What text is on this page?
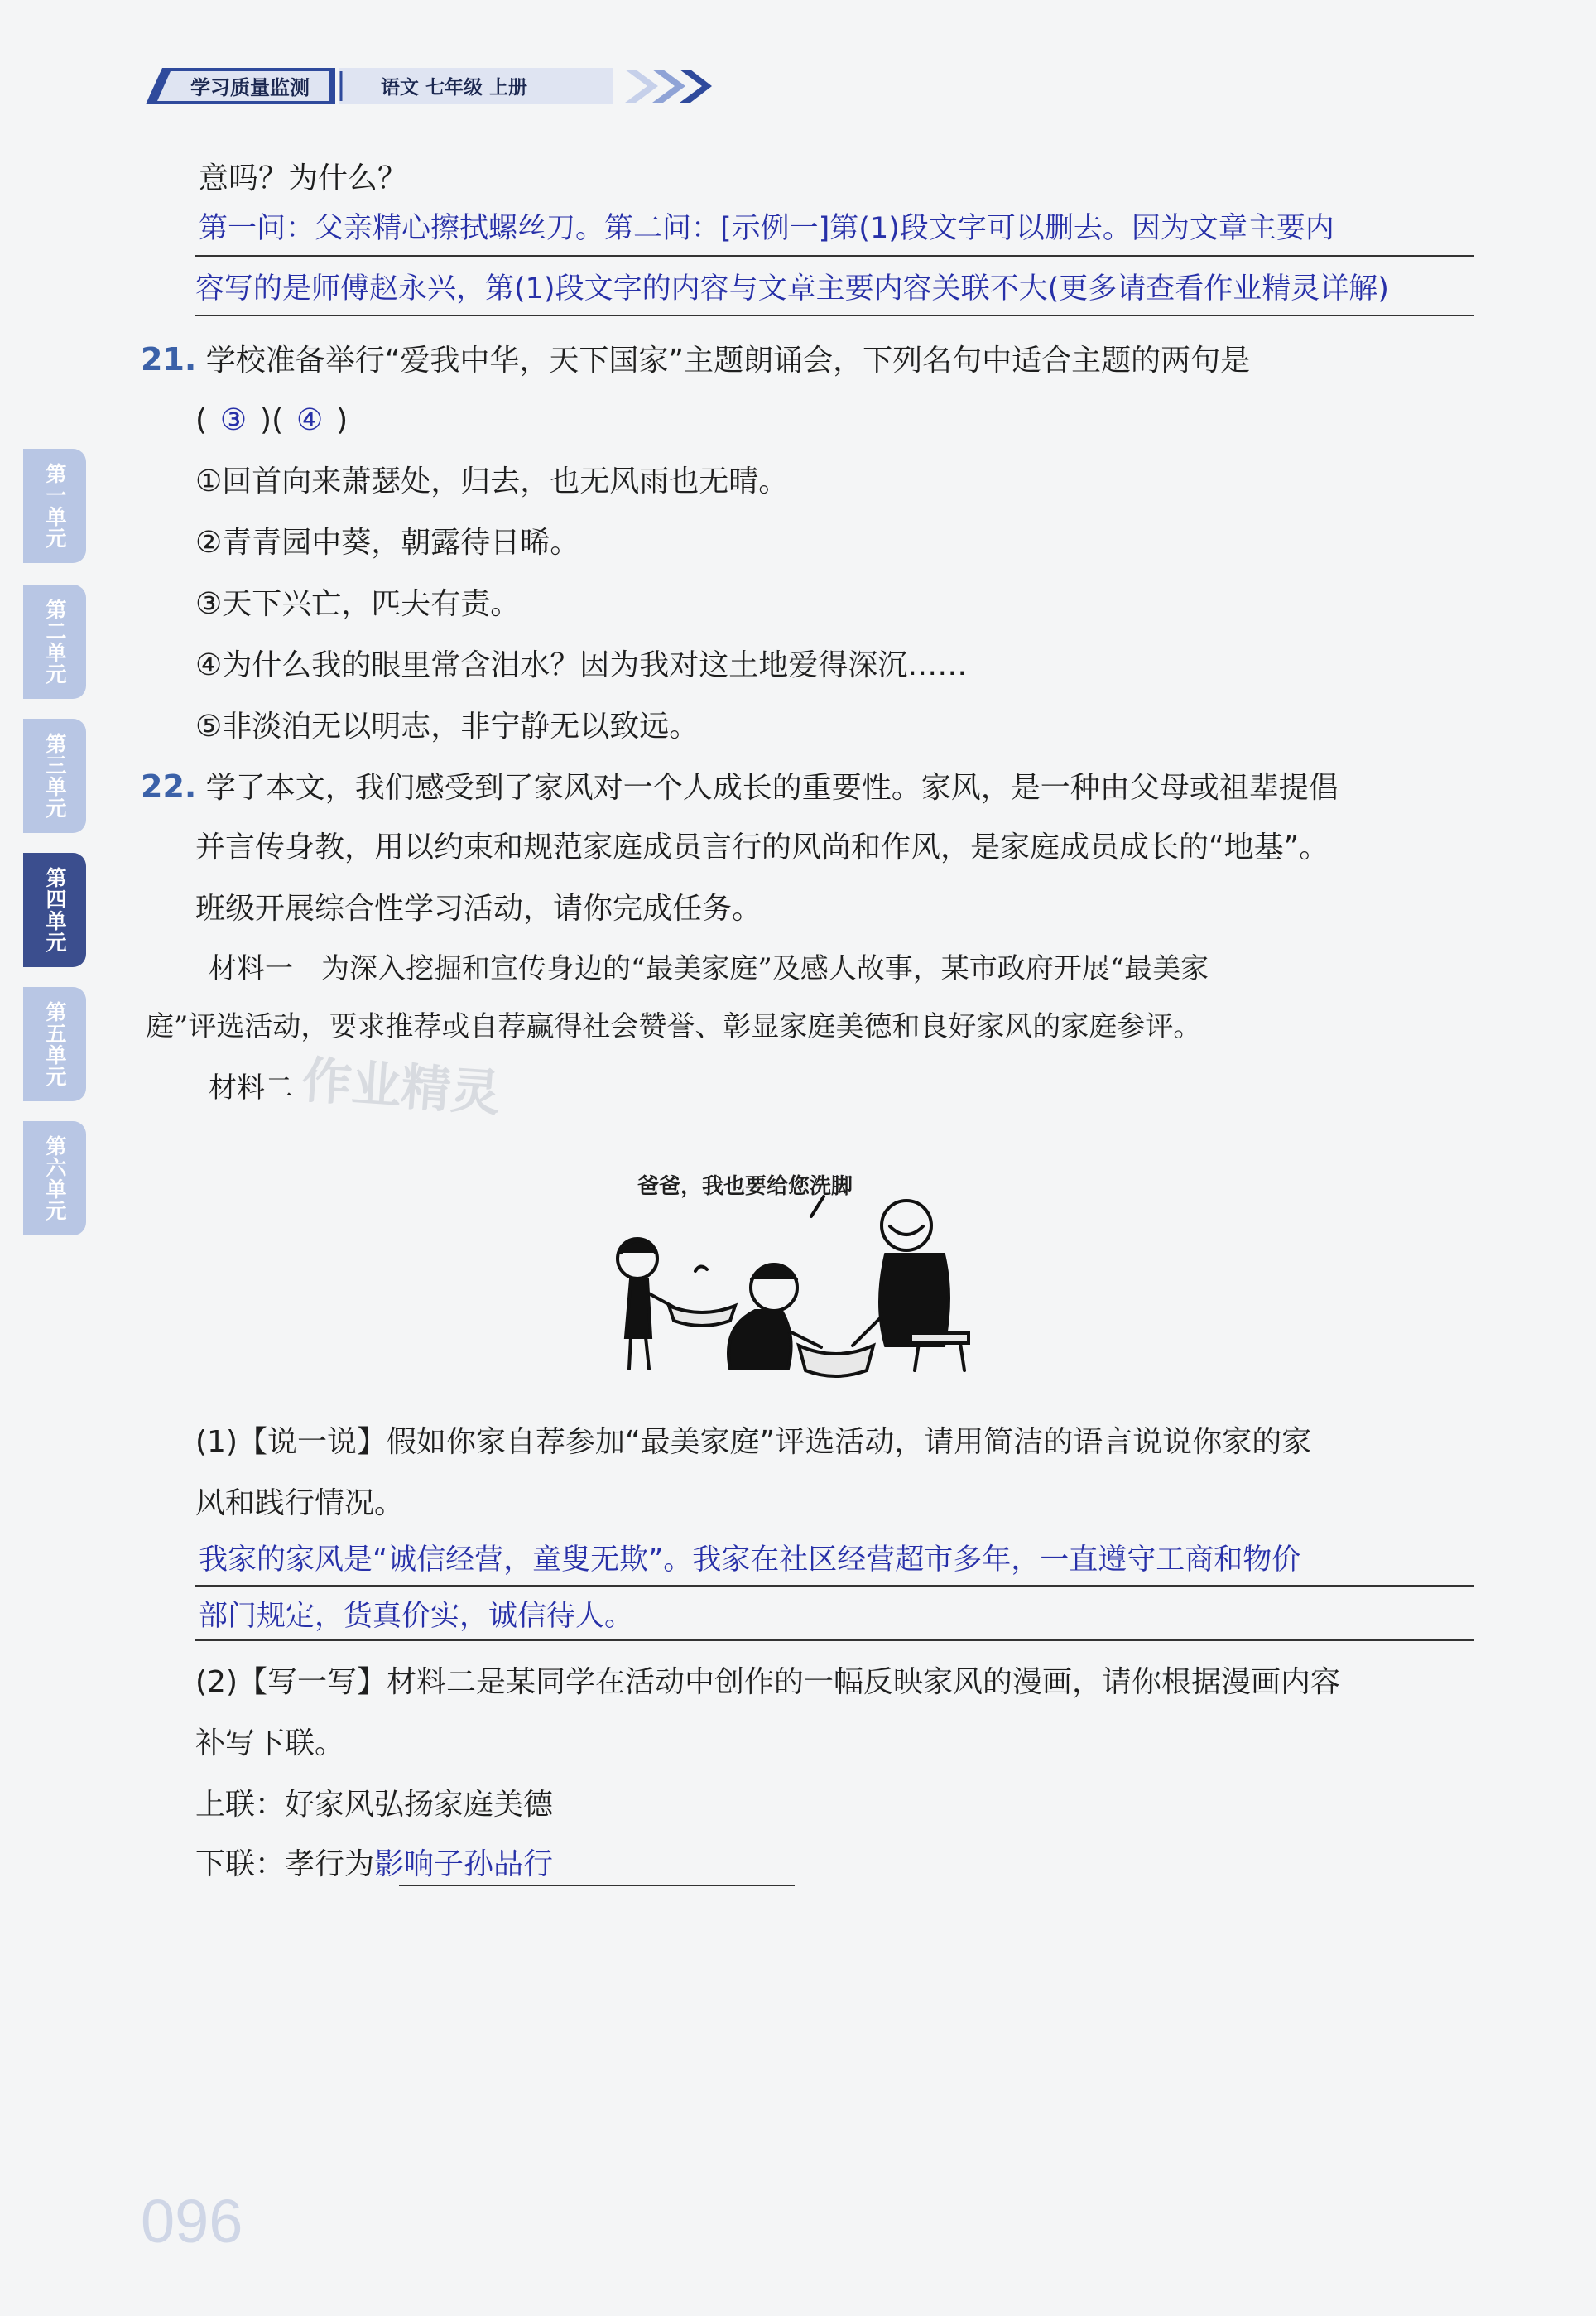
学习质量监测	语文 七年级 上册
第一单元
第二单元
第三单元
第四单元
第五单元
第六单元
意吗？为什么？
第一问：父亲精心擦拭螺丝刀。第二问：[示例一]第(1)段文字可以删去。因为文章主要内
容写的是师傅赵永兴，第(1)段文字的内容与文章主要内容关联不大(更多请查看作业精灵详解)
21. 学校准备举行“爱我中华，天下国家”主题朗诵会，下列名句中适合主题的两句是
( ③ )( ④ )
①回首向来萧瑟处，归去，也无风雨也无晴。
②青青园中葵，朝露待日晞。
③天下兴亡，匹夫有责。
④为什么我的眼里常含泪水？因为我对这土地爱得深沉……
⑤非淡泊无以明志，非宁静无以致远。
22. 学了本文，我们感受到了家风对一个人成长的重要性。家风，是一种由父母或祖辈提倡
并言传身教，用以约束和规范家庭成员言行的风尚和作风，是家庭成员成长的“地基”。
班级开展综合性学习活动，请你完成任务。
材料一　为深入挖掘和宣传身边的“最美家庭”及感人故事，某市政府开展“最美家
庭”评选活动，要求推荐或自荐赢得社会赞誉、彰显家庭美德和良好家风的家庭参评。
材料二 作业精灵
爸爸，我也要给您洗脚
(1)【说一说】假如你家自荐参加“最美家庭”评选活动，请用简洁的语言说说你家的家
风和践行情况。
我家的家风是“诚信经营，童叟无欺”。我家在社区经营超市多年，一直遵守工商和物价
部门规定，货真价实，诚信待人。
(2)【写一写】材料二是某同学在活动中创作的一幅反映家风的漫画，请你根据漫画内容
补写下联。
上联：好家风弘扬家庭美德
下联：孝行为影响子孙品行
096
